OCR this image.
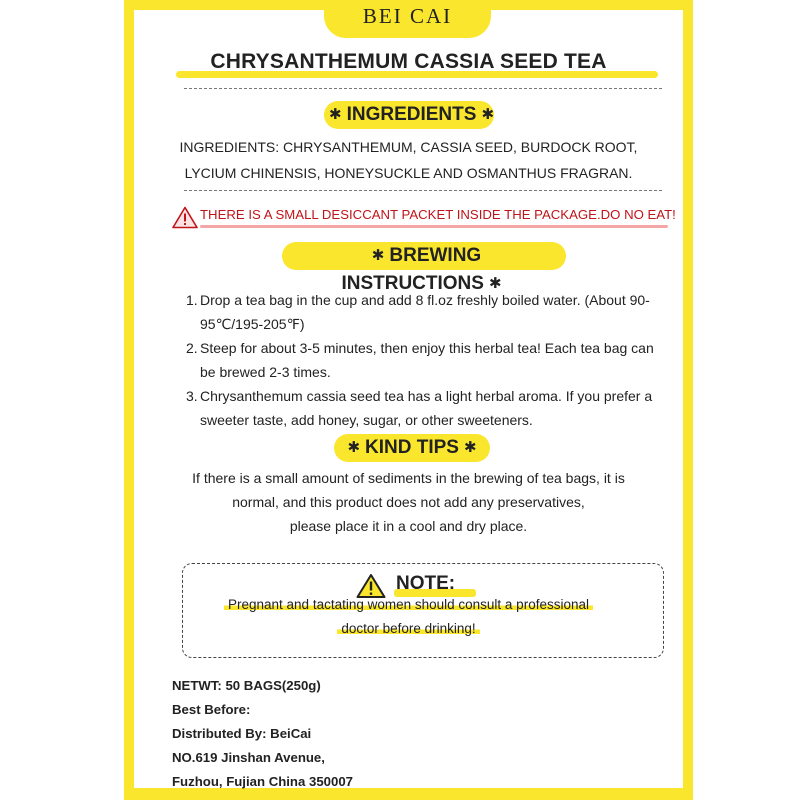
BEI CAI
CHRYSANTHEMUM CASSIA SEED TEA
✱ INGREDIENTS ✱
INGREDIENTS: CHRYSANTHEMUM, CASSIA SEED, BURDOCK ROOT,
LYCIUM CHINENSIS, HONEYSUCKLE AND OSMANTHUS FRAGRAN.
THERE IS A SMALL DESICCANT PACKET INSIDE THE PACKAGE.DO NO EAT!
✱ BREWING INSTRUCTIONS ✱
1. Drop a tea bag in the cup and add 8 fl.oz freshly boiled water. (About 90-95℃/195-205℉)
2. Steep for about 3-5 minutes, then enjoy this herbal tea! Each tea bag can be brewed 2-3 times.
3. Chrysanthemum cassia seed tea has a light herbal aroma. If you prefer a sweeter taste, add honey, sugar, or other sweeteners.
✱ KIND TIPS ✱
If there is a small amount of sediments in the brewing of tea bags, it is
normal, and this product does not add any preservatives,
please place it in a cool and dry place.
NOTE:
Pregnant and tactating women should consult a professional
doctor before drinking!
NETWT: 50 BAGS(250g)
Best Before:
Distributed By: BeiCai
NO.619 Jinshan Avenue,
Fuzhou, Fujian China 350007
